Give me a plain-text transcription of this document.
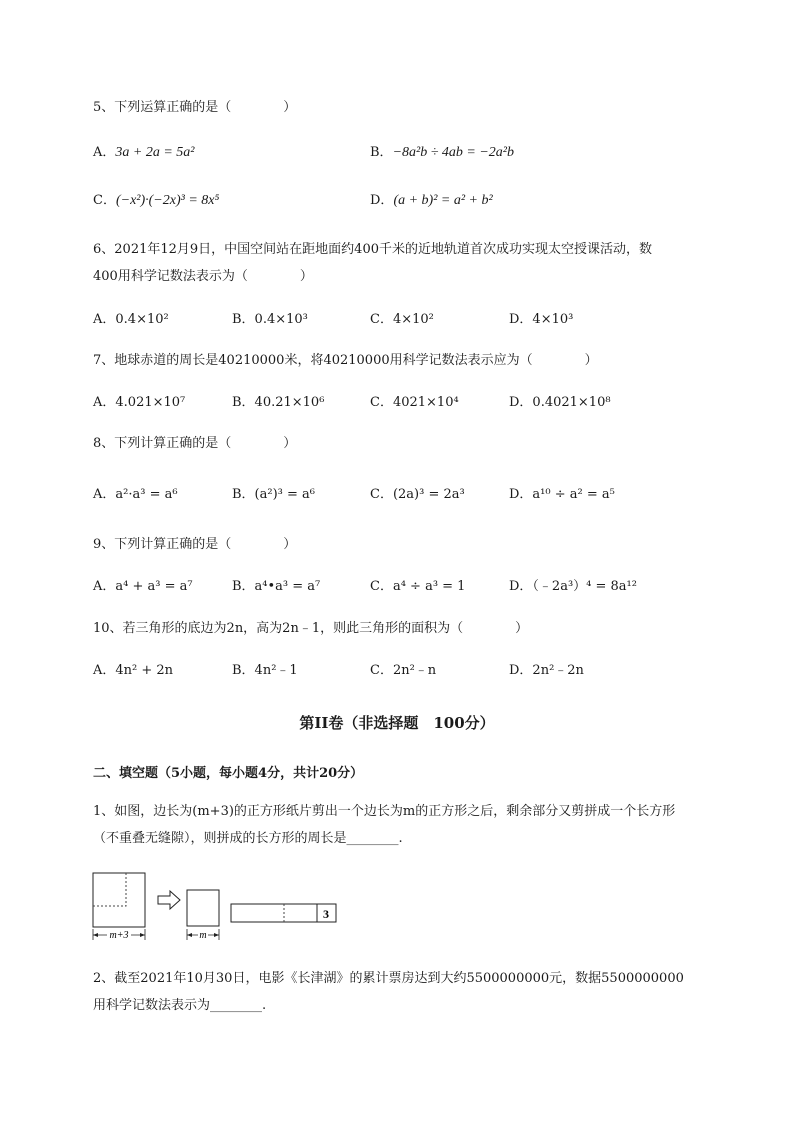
5、下列运算正确的是（　　　　）
A．3a + 2a = 5a²	B．−8a²b ÷ 4ab = −2a²b
C．(−x²)·(−2x)³ = 8x⁵	D．(a + b)² = a² + b²
6、2021年12月9日，中国空间站在距地面约400千米的近地轨道首次成功实现太空授课活动，数
400用科学记数法表示为（　　　　）
A．0.4×10²	B．0.4×10³	C．4×10²	D．4×10³
7、地球赤道的周长是40210000米，将40210000用科学记数法表示应为（　　　　）
A．4.021×10⁷	B．40.21×10⁶	C．4021×10⁴	D．0.4021×10⁸
8、下列计算正确的是（　　　　）
A．a²·a³ = a⁶	B．(a²)³ = a⁶	C．(2a)³ = 2a³	D．a¹⁰ ÷ a² = a⁵
9、下列计算正确的是（　　　　）
A．a⁴ + a³ = a⁷	B．a⁴•a³ = a⁷	C．a⁴ ÷ a³ = 1	D．（﹣2a³）⁴ = 8a¹²
10、若三角形的底边为2n，高为2n﹣1，则此三角形的面积为（　　　　）
A．4n² + 2n	B．4n²﹣1	C．2n²﹣n	D．2n²﹣2n
第II卷（非选择题　100分）
二、填空题（5小题，每小题4分，共计20分）
1、如图，边长为(m+3)的正方形纸片剪出一个边长为m的正方形之后，剩余部分又剪拼成一个长方形
（不重叠无缝隙），则拼成的长方形的周长是________.
m+3	m
3
2、截至2021年10月30日，电影《长津湖》的累计票房达到大约5500000000元，数据5500000000
用科学记数法表示为________.
